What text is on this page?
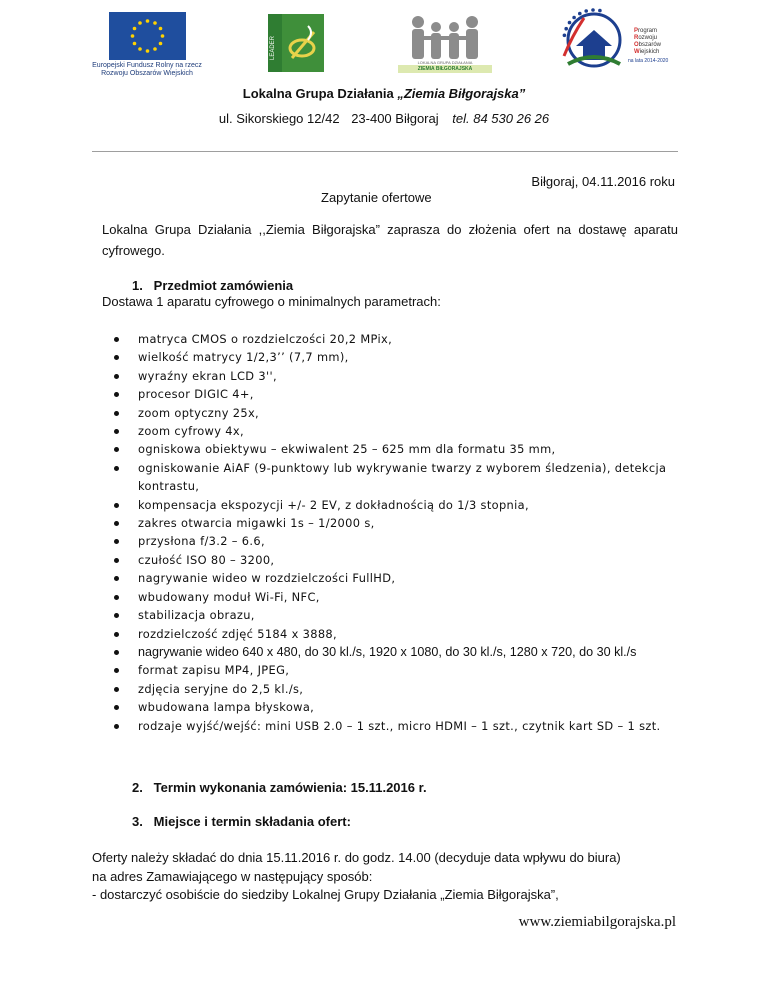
Europejski Fundusz Rolny na rzecz
Rozwoju Obszarów Wiejskich
LEADER
LOKALNA GRUPA DZIAŁANIA
ZIEMIA BIŁGORAJSKA
Program
Rozwoju
Obszarów
Wiejskich
na lata 2014-2020
Lokalna Grupa Działania „Ziemia Biłgorajska”
ul. Sikorskiego 12/42 23-400 Biłgoraj tel. 84 530 26 26
Biłgoraj, 04.11.2016 roku
Zapytanie ofertowe
Lokalna Grupa Działania ,,Ziemia Biłgorajska” zaprasza do złożenia ofert na dostawę aparatu cyfrowego.
1.   Przedmiot zamówienia
Dostawa 1 aparatu cyfrowego o minimalnych parametrach:
matryca CMOS o rozdzielczości 20,2 MPix,
wielkość matrycy 1/2,3’’ (7,7 mm),
wyraźny ekran LCD 3'',
procesor DIGIC 4+,
zoom optyczny 25x,
zoom cyfrowy 4x,
ogniskowa obiektywu – ekwiwalent 25 – 625 mm dla formatu 35 mm,
ogniskowanie AiAF (9-punktowy lub wykrywanie twarzy z wyborem śledzenia), detekcja kontrastu,
kompensacja ekspozycji +/- 2 EV, z dokładnością do 1/3 stopnia,
zakres otwarcia migawki 1s – 1/2000 s,
przysłona f/3.2 – 6.6,
czułość ISO 80 – 3200,
nagrywanie wideo w rozdzielczości FullHD,
wbudowany moduł Wi-Fi, NFC,
stabilizacja obrazu,
rozdzielczość zdjęć 5184 x 3888,
nagrywanie wideo 640 x 480, do 30 kl./s, 1920 x 1080, do 30 kl./s, 1280 x 720, do 30 kl./s
format zapisu MP4, JPEG,
zdjęcia seryjne do 2,5 kl./s,
wbudowana lampa błyskowa,
rodzaje wyjść/wejść: mini USB 2.0 – 1 szt., micro HDMI – 1 szt., czytnik kart SD – 1 szt.
2.   Termin wykonania zamówienia: 15.11.2016 r.
3.   Miejsce i termin składania ofert:
Oferty należy składać do dnia 15.11.2016 r. do godz. 14.00 (decyduje data wpływu do biura)
na adres Zamawiającego w następujący sposób:
- dostarczyć osobiście do siedziby Lokalnej Grupy Działania „Ziemia Biłgorajska”,
www.ziemiabilgorajska.pl
